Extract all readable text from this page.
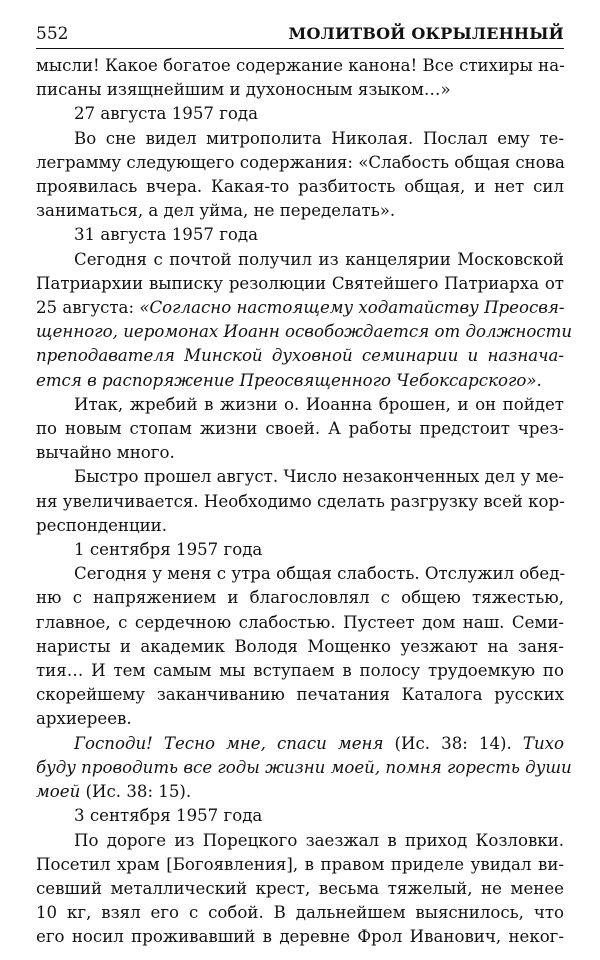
552	МОЛИТВОЙ ОКРЫЛЕННЫЙ

мысли! Какое богатое содержание канона! Все стихиры на-
писаны изящнейшим и духоносным языком…»

27 августа 1957 года

Во сне видел митрополита Николая. Послал ему те-
леграмму следующего содержания: «Слабость общая снова
проявилась вчера. Какая-то разбитость общая, и нет сил
заниматься, а дел уйма, не переделать».

31 августа 1957 года

Сегодня с почтой получил из канцелярии Московской
Патриархии выписку резолюции Святейшего Патриарха от
25 августа: «Согласно настоящему ходатайству Преосвя-
щенного, иеромонах Иоанн освобождается от должности
преподавателя Минской духовной семинарии и назнача-
ется в распоряжение Преосвященного Чебоксарского».

Итак, жребий в жизни о. Иоанна брошен, и он пойдет
по новым стопам жизни своей. А работы предстоит чрез-
вычайно много.

Быстро прошел август. Число незаконченных дел у ме-
ня увеличивается. Необходимо сделать разгрузку всей кор-
респонденции.

1 сентября 1957 года

Сегодня у меня с утра общая слабость. Отслужил обед-
ню с напряжением и благословлял с общею тяжестью,
главное, с сердечною слабостью. Пустеет дом наш. Семи-
наристы и академик Володя Мощенко уезжают на заня-
тия… И тем самым мы вступаем в полосу трудоемкую по
скорейшему заканчиванию печатания Каталога русских
архиереев.

Господи! Тесно мне, спаси меня (Ис. 38: 14). Тихо
буду проводить все годы жизни моей, помня горесть души
моей (Ис. 38: 15).

3 сентября 1957 года

По дороге из Порецкого заезжал в приход Козловки.
Посетил храм [Богоявления], в правом приделе увидал ви-
севший металлический крест, весьма тяжелый, не менее
10 кг, взял его с собой. В дальнейшем выяснилось, что
его носил проживавший в деревне Фрол Иванович, неког-
